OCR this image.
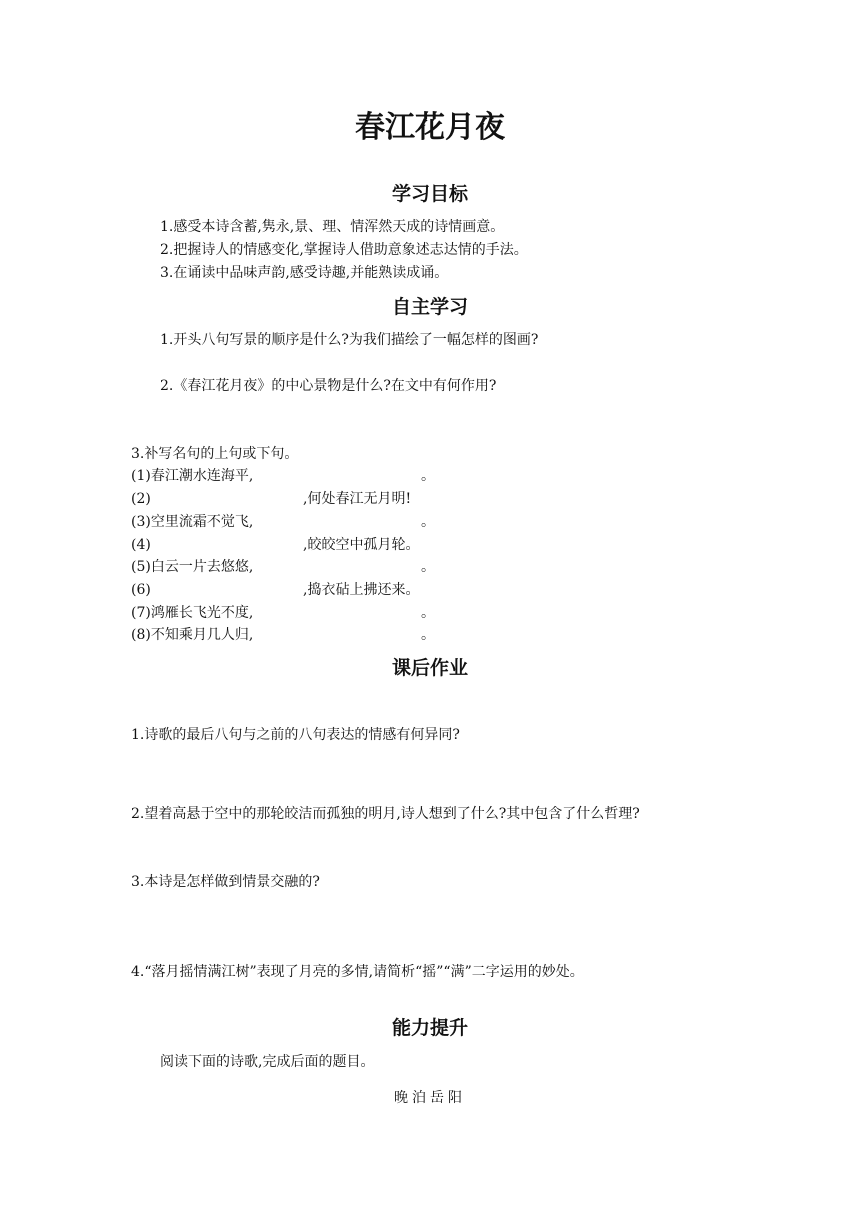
春江花月夜
学习目标

1.感受本诗含蓄,隽永,景、理、情浑然天成的诗情画意。

2.把握诗人的情感变化,掌握诗人借助意象述志达情的手法。

3.在诵读中品味声韵,感受诗趣,并能熟读成诵。

自主学习

1.开头八句写景的顺序是什么?为我们描绘了一幅怎样的图画?

2.《春江花月夜》的中心景物是什么?在文中有何作用?

3.补写名句的上句或下句。

(1)春江潮水连海平,	。
(2)	,何处春江无月明!
(3)空里流霜不觉飞,	。
(4)	,皎皎空中孤月轮。
(5)白云一片去悠悠,	。
(6)	,捣衣砧上拂还来。
(7)鸿雁长飞光不度,	。
(8)不知乘月几人归,	。
课后作业

1.诗歌的最后八句与之前的八句表达的情感有何异同?

2.望着高悬于空中的那轮皎洁而孤独的明月,诗人想到了什么?其中包含了什么哲理?

3.本诗是怎样做到情景交融的?

4.“落月摇情满江树”表现了月亮的多情,请简析“摇”“满”二字运用的妙处。

能力提升

阅读下面的诗歌,完成后面的题目。

晚泊岳阳
